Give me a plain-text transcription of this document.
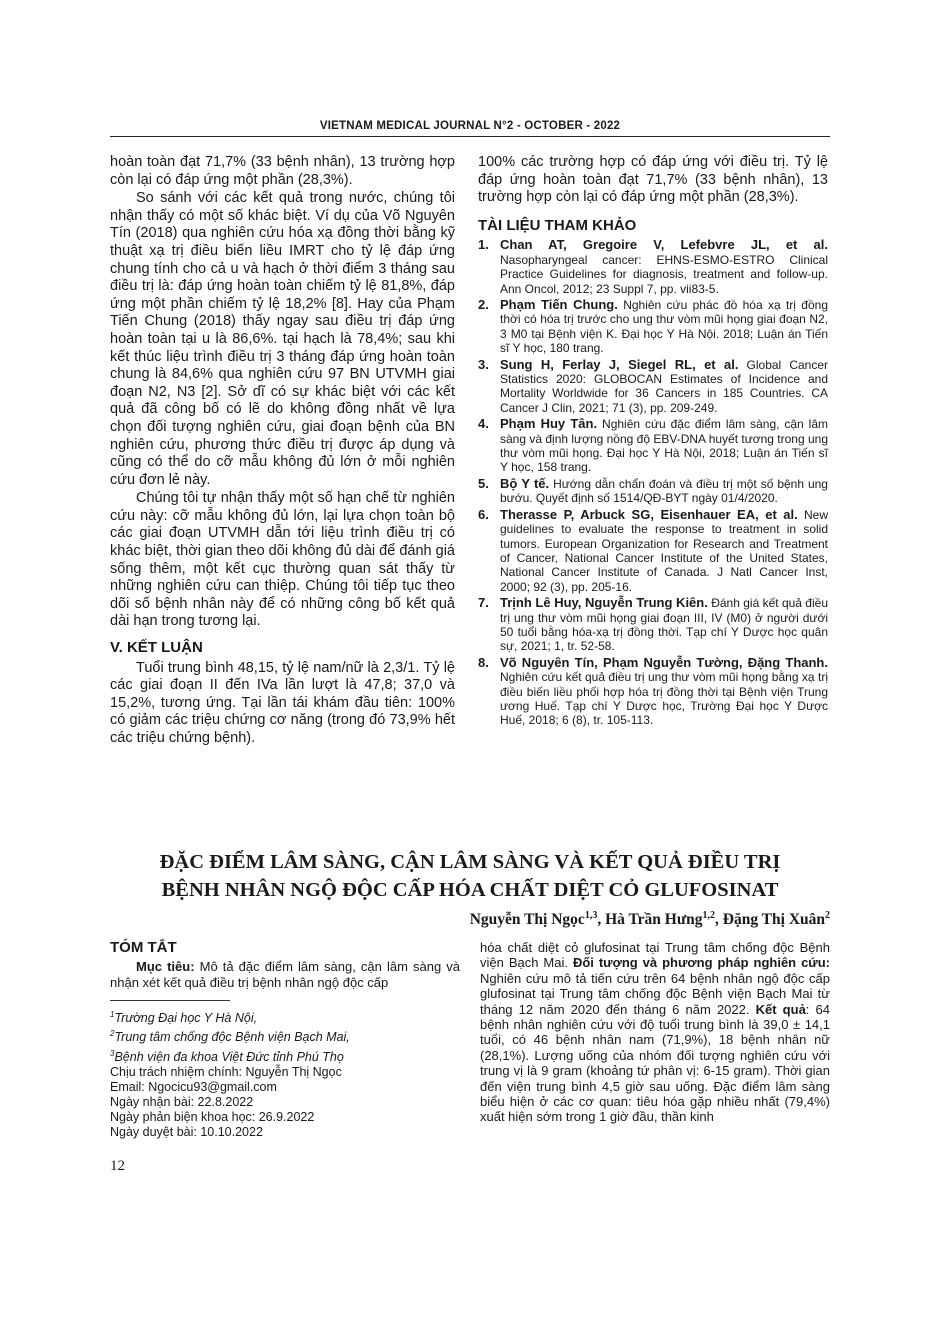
VIETNAM MEDICAL JOURNAL N°2 - OCTOBER - 2022

hoàn toàn đạt 71,7% (33 bệnh nhân), 13 trường hợp còn lại có đáp ứng một phần (28,3%).

So sánh với các kết quả trong nước, chúng tôi nhận thấy có một số khác biệt. Ví dụ của Võ Nguyên Tín (2018) qua nghiên cứu hóa xạ đồng thời bằng kỹ thuật xạ trị điều biến liều IMRT cho tỷ lệ đáp ứng chung tính cho cả u và hạch ở thời điểm 3 tháng sau điều trị là: đáp ứng hoàn toàn chiếm tỷ lệ 81,8%, đáp ứng một phần chiếm tỷ lệ 18,2% [8]. Hay của Phạm Tiến Chung (2018) thấy ngay sau điều trị đáp ứng hoàn toàn tại u là 86,6%. tại hạch là 78,4%; sau khi kết thúc liệu trình điều trị 3 tháng đáp ứng hoàn toàn chung là 84,6% qua nghiên cứu 97 BN UTVMH giai đoạn N2, N3 [2]. Sở dĩ có sự khác biệt với các kết quả đã công bố có lẽ do không đồng nhất về lựa chọn đối tượng nghiên cứu, giai đoạn bệnh của BN nghiên cứu, phương thức điều trị được áp dụng và cũng có thể do cỡ mẫu không đủ lớn ở mỗi nghiên cứu đơn lẻ này.

Chúng tôi tự nhận thấy một số hạn chế từ nghiên cứu này: cỡ mẫu không đủ lớn, lại lựa chọn toàn bộ các giai đoạn UTVMH dẫn tới liệu trình điều trị có khác biệt, thời gian theo dõi không đủ dài để đánh giá sống thêm, một kết cục thường quan sát thấy từ những nghiên cứu can thiệp. Chúng tôi tiếp tục theo dõi số bệnh nhân này để có những công bố kết quả dài hạn trong tương lại.

V. KẾT LUẬN

Tuổi trung bình 48,15, tỷ lệ nam/nữ là 2,3/1. Tỷ lệ các giai đoạn II đến IVa lần lượt là 47,8; 37,0 và 15,2%, tương ứng. Tại lần tái khám đầu tiên: 100% có giảm các triệu chứng cơ năng (trong đó 73,9% hết các triệu chứng bệnh).

100% các trường hợp có đáp ứng với điều trị. Tỷ lệ đáp ứng hoàn toàn đạt 71,7% (33 bệnh nhân), 13 trường hợp còn lại có đáp ứng một phần (28,3%).

TÀI LIỆU THAM KHẢO
1. Chan AT, Gregoire V, Lefebvre JL, et al. Nasopharyngeal cancer: EHNS-ESMO-ESTRO Clinical Practice Guidelines for diagnosis, treatment and follow-up. Ann Oncol, 2012; 23 Suppl 7, pp. vii83-5.
2. Phạm Tiến Chung. Nghiên cứu phác đồ hóa xạ trị đồng thời có hóa trị trước cho ung thư vòm mũi họng giai đoạn N2, 3 M0 tại Bệnh viện K. Đại học Y Hà Nội. 2018; Luận án Tiến sĩ Y học, 180 trang.
3. Sung H, Ferlay J, Siegel RL, et al. Global Cancer Statistics 2020: GLOBOCAN Estimates of Incidence and Mortality Worldwide for 36 Cancers in 185 Countries. CA Cancer J Clin, 2021; 71 (3), pp. 209-249.
4. Phạm Huy Tân. Nghiên cứu đặc điểm lâm sàng, cận lâm sàng và định lượng nồng độ EBV-DNA huyết tương trong ung thư vòm mũi họng. Đại học Y Hà Nội, 2018; Luận án Tiến sĩ Y học, 158 trang.
5. Bộ Y tế. Hướng dẫn chẩn đoán và điều trị một số bệnh ung bướu. Quyết định số 1514/QĐ-BYT ngày 01/4/2020.
6. Therasse P, Arbuck SG, Eisenhauer EA, et al. New guidelines to evaluate the response to treatment in solid tumors. European Organization for Research and Treatment of Cancer, National Cancer Institute of the United States, National Cancer Institute of Canada. J Natl Cancer Inst, 2000; 92 (3), pp. 205-16.
7. Trịnh Lê Huy, Nguyễn Trung Kiên. Đánh giá kết quả điều trị ung thư vòm mũi họng giai đoạn III, IV (M0) ở người dưới 50 tuổi bằng hóa-xạ trị đồng thời. Tạp chí Y Dược học quân sự, 2021; 1, tr. 52-58.
8. Võ Nguyên Tín, Phạm Nguyễn Tường, Đặng Thanh. Nghiên cứu kết quả điều trị ung thư vòm mũi họng bằng xạ trị điều biến liều phối hợp hóa trị đồng thời tại Bệnh viện Trung ương Huế. Tạp chí Y Dược học, Trường Đại học Y Dược Huế, 2018; 6 (8), tr. 105-113.
ĐẶC ĐIỂM LÂM SÀNG, CẬN LÂM SÀNG VÀ KẾT QUẢ ĐIỀU TRỊ
BỆNH NHÂN NGỘ ĐỘC CẤP HÓA CHẤT DIỆT CỎ GLUFOSINAT
Nguyễn Thị Ngọc$^{1,3}$, Hà Trần Hưng$^{1,2}$, Đặng Thị Xuân$^2$
TÓM TẮT

Mục tiêu: Mô tả đặc điểm lâm sàng, cận lâm sàng và nhận xét kết quả điều trị bệnh nhân ngộ độc cấp

$^1$Trường Đại học Y Hà Nội,
$^2$Trung tâm chống độc Bệnh viện Bạch Mai,
$^3$Bệnh viện đa khoa Việt Đức tỉnh Phú Thọ
Chịu trách nhiệm chính: Nguyễn Thị Ngọc
Email: Ngocicu93@gmail.com
Ngày nhận bài: 22.8.2022
Ngày phản biện khoa học: 26.9.2022
Ngày duyệt bài: 10.10.2022

hóa chất diệt cỏ glufosinat tại Trung tâm chống độc Bệnh viện Bạch Mai. Đối tượng và phương pháp nghiên cứu: Nghiên cứu mô tả tiến cứu trên 64 bệnh nhân ngộ độc cấp glufosinat tại Trung tâm chống độc Bệnh viện Bạch Mai từ tháng 12 năm 2020 đến tháng 6 năm 2022. Kết quả: 64 bệnh nhân nghiên cứu với độ tuổi trung bình là 39,0 ± 14,1 tuổi, có 46 bệnh nhân nam (71,9%), 18 bệnh nhân nữ (28,1%). Lượng uống của nhóm đối tượng nghiên cứu với trung vị là 9 gram (khoảng tứ phân vị: 6-15 gram). Thời gian đến viện trung bình 4,5 giờ sau uống. Đặc điểm lâm sàng biểu hiện ở các cơ quan: tiêu hóa gặp nhiều nhất (79,4%) xuất hiện sớm trong 1 giờ đầu, thần kinh

12
